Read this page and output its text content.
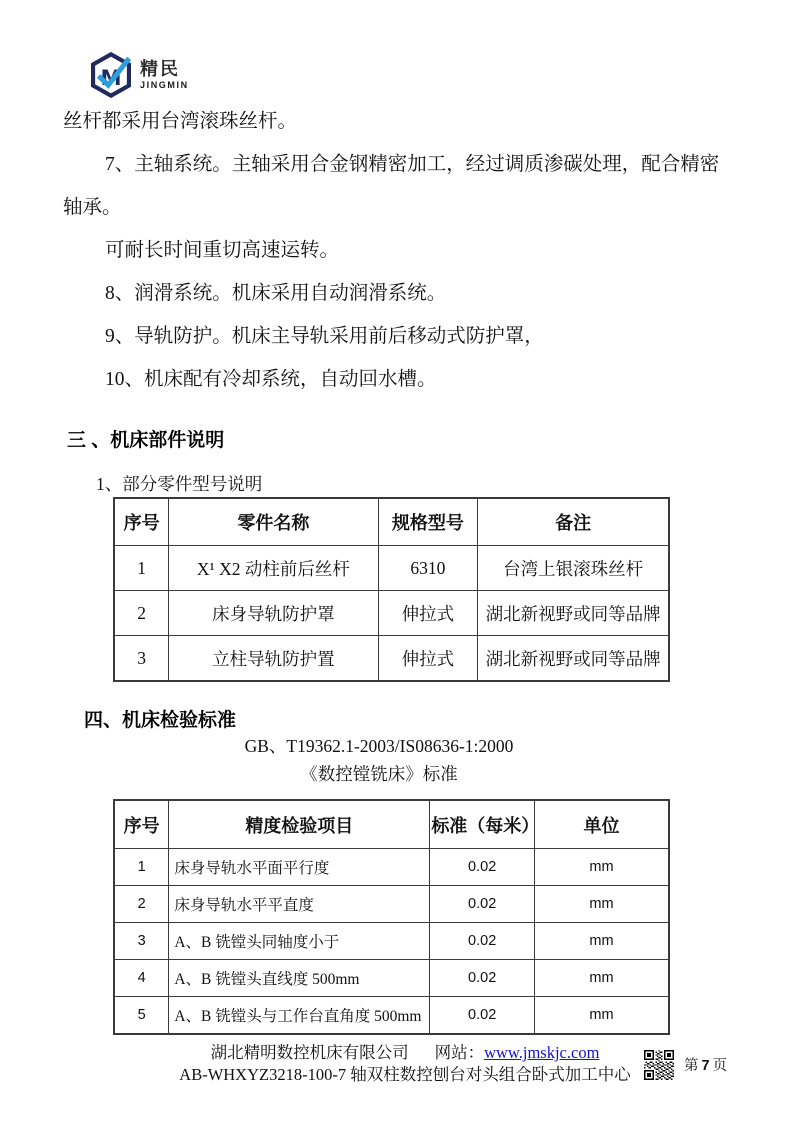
M 精民
JINGMIN
丝杆都采用台湾滚珠丝杆。
7、主轴系统。主轴采用合金钢精密加工，经过调质渗碳处理，配合精密
轴承。
可耐长时间重切高速运转。
8、润滑系统。机床采用自动润滑系统。
9、导轨防护。机床主导轨采用前后移动式防护罩，
10、机床配有冷却系统，自动回水槽。
三 、机床部件说明
1、部分零件型号说明
序号	零件名称	规格型号	备注
1	X¹ X2 动柱前后丝杆	6310	台湾上银滚珠丝杆
2	床身导轨防护罩	伸拉式	湖北新视野或同等品牌
3	立柱导轨防护置	伸拉式	湖北新视野或同等品牌
四、机床检验标准
GB、T19362.1-2003/IS08636-1:2000
《数控镗铣床》标准
序号	精度检验项目	标准（每米）	单位
1	床身导轨水平面平行度	0.02	mm
2	床身导轨水平平直度	0.02	mm
3	A、B 铣镗头同轴度小于	0.02	mm
4	A、B 铣镗头直线度 500mm	0.02	mm
5	A、B 铣镗头与工作台直角度 500mm	0.02	mm
湖北精明数控机床有限公司 网站：www.jmskjc.com
AB-WHXYZ3218-100-7 轴双柱数控刨台对头组合卧式加工中心	第7页
